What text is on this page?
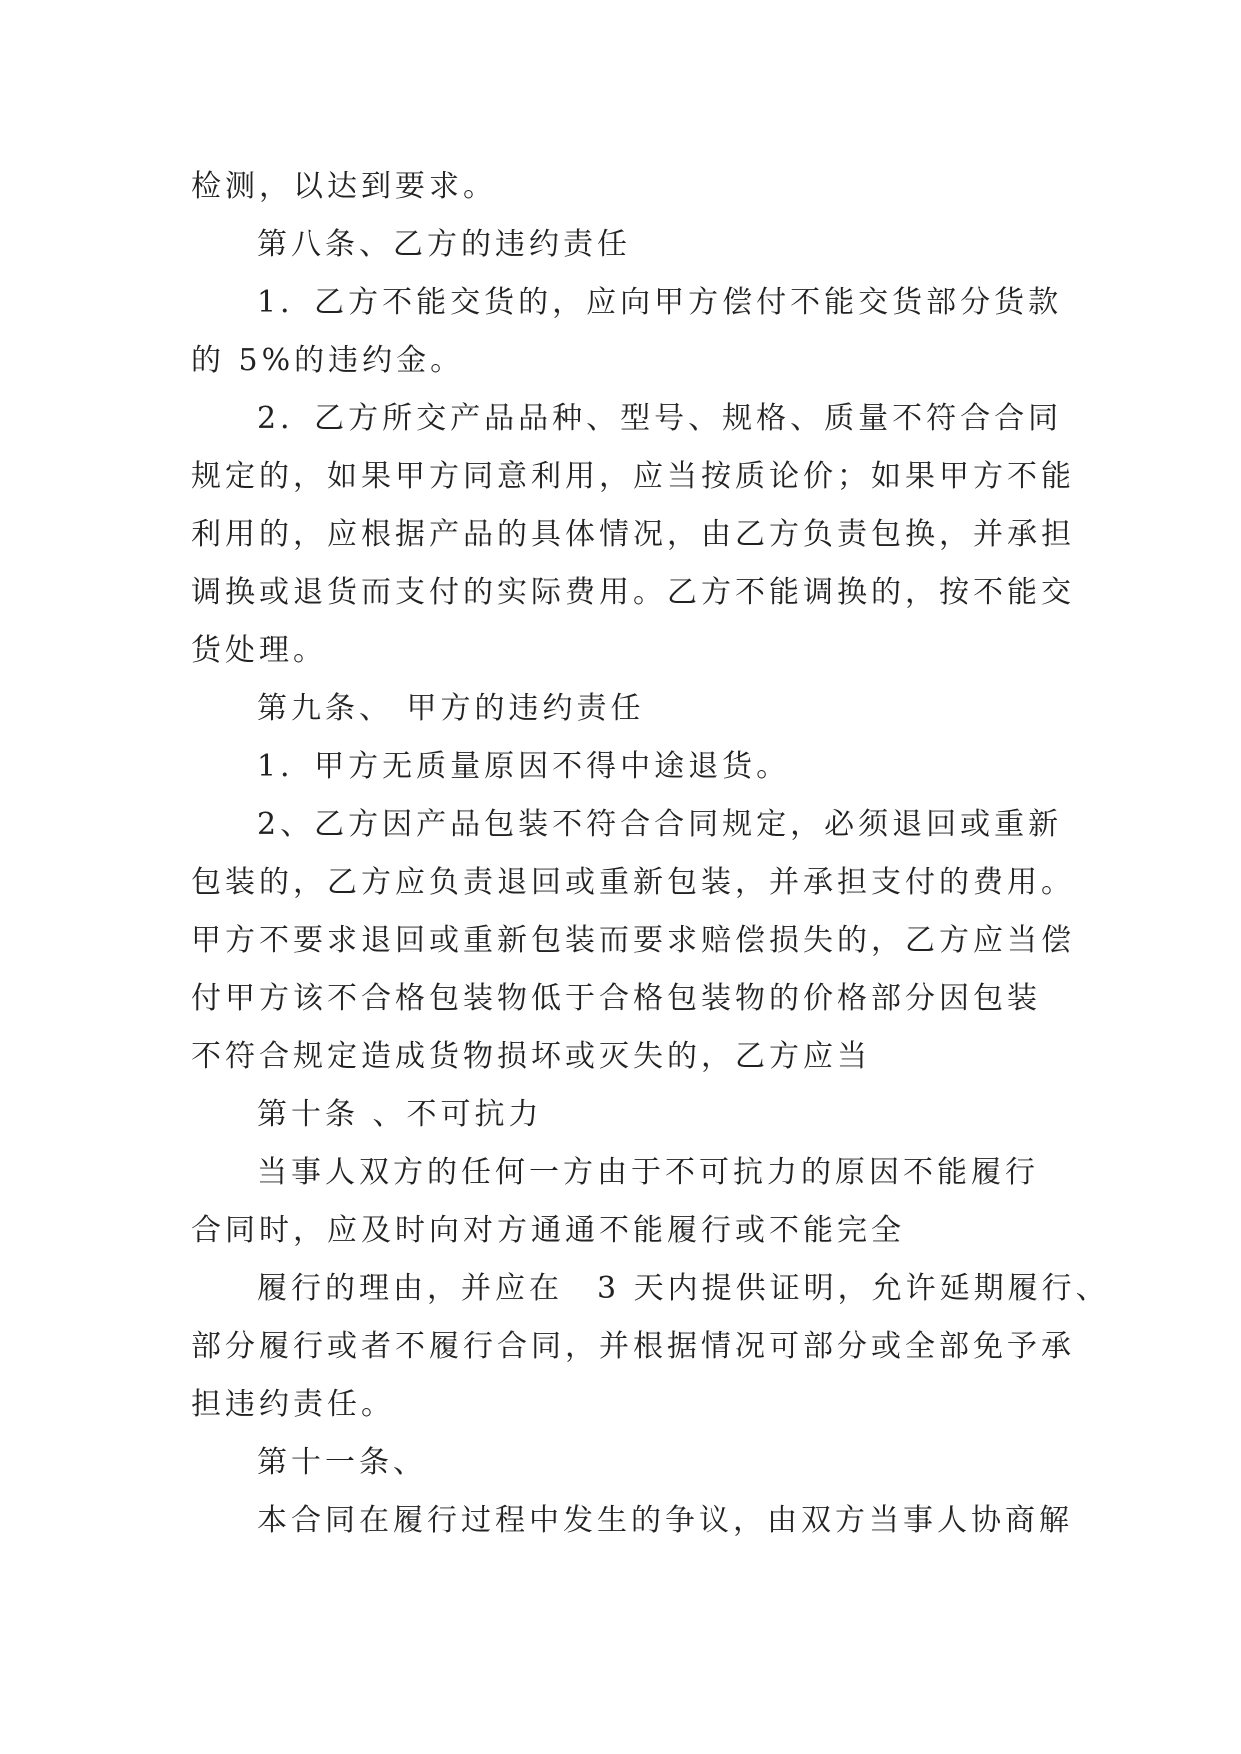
检测，以达到要求。
第八条、乙方的违约责任
1．乙方不能交货的，应向甲方偿付不能交货部分货款
的 5%的违约金。
2．乙方所交产品品种、型号、规格、质量不符合合同
规定的，如果甲方同意利用，应当按质论价；如果甲方不能
利用的，应根据产品的具体情况，由乙方负责包换，并承担
调换或退货而支付的实际费用。乙方不能调换的，按不能交
货处理。
第九条、 甲方的违约责任
1．甲方无质量原因不得中途退货。
2、乙方因产品包装不符合合同规定，必须退回或重新
包装的，乙方应负责退回或重新包装，并承担支付的费用。
甲方不要求退回或重新包装而要求赔偿损失的，乙方应当偿
付甲方该不合格包装物低于合格包装物的价格部分因包装
不符合规定造成货物损坏或灭失的，乙方应当
第十条 、不可抗力
当事人双方的任何一方由于不可抗力的原因不能履行
合同时，应及时向对方通通不能履行或不能完全
履行的理由，并应在　3 天内提供证明，允许延期履行、
部分履行或者不履行合同，并根据情况可部分或全部免予承
担违约责任。
第十一条、
本合同在履行过程中发生的争议，由双方当事人协商解
